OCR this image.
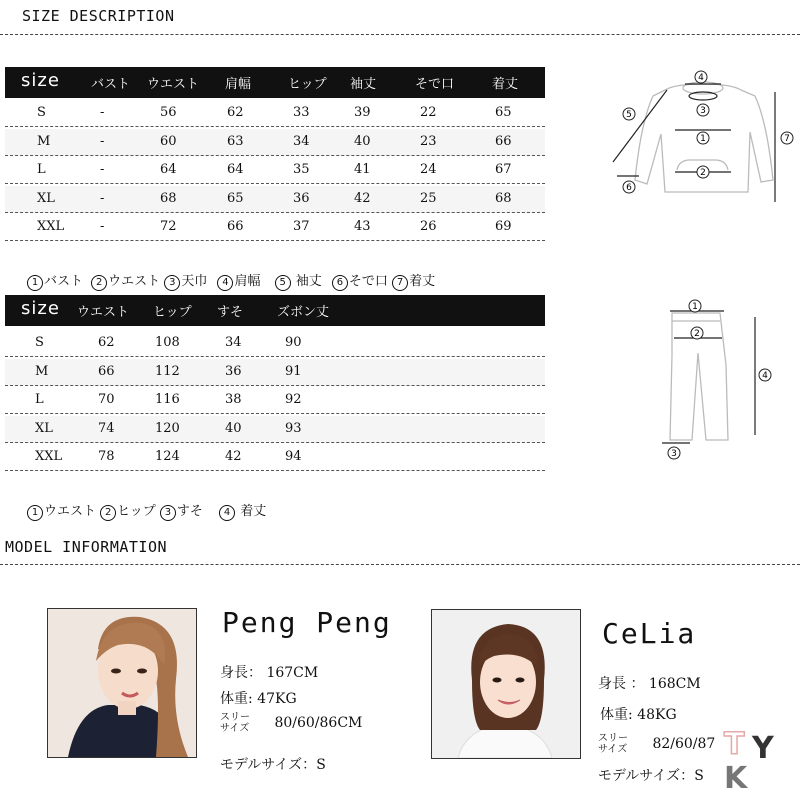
SIZE DESCRIPTION
size バスト ウエスト 肩幅	ヒップ 袖丈	そで口	着丈
S	-	56	62	33	39	22	65
M	-	60	63	34	40	23	66
L	-	64	64	35	41	24	67
XL	-	68	65	36	42	25	68
XXL	-	72	66	37	43	26	69
1 バスト 2 ウエスト 3 天巾 4 肩幅 5 袖丈 6 そで口 7 着丈
size ウエスト ヒップ すそ	ズボン丈
S	62	108	34	90
M	66	112	36	91
L	70	116	38	92
XL	74	120	40	93
XXL	78	124	42	94
1 ウエスト 2 ヒップ 3 すそ 4 着丈
4
3
5
1	7
2
6
1
2
4
3
MODEL INFORMATION
Peng Peng
身長： 167CM
体重: 47KG
スリー
サイズ 80/60/86CM
モデルサイズ：S
CeLia
身長 ： 168CM
体重: 48KG
スリー
サイズ 82/60/87
モデルサイズ：S
T Y
K
